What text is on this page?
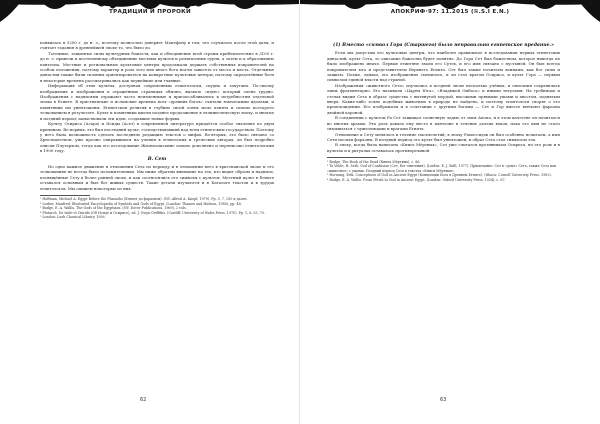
ТРАДИЦИИ И ПРОРОКИ

появилась в 3200 г. до н. э., поэтому полностью доверяет Манефону в том, что случилось после этой даты, и считает гадания в древнейшей эпохе то, что было до.

Тотемные, защитные силы культурных божеств, как и объединение всей страны приблизительно в 3100 г. до н. э. привели к постепенному объединению местных культов и религиозных групп, а затем и к образованию пантеона. Местные и региональные культовые центры продолжали держать собственных покровителей на особом положении, поэтому характер и роль того или иного бога могли зависеть от места и места. Отдельные династии также были склонны ориентироваться на конкретные культовые центры, поэтому определённые боги в некоторые времена рассматривались как первейшие или главные.

Информация об этих культах, доступная современным египтологам, скудна и запутана. По-своему изображения и изображения в отражённых страницах обычно, вызвать «идею» который очень трудно. Изображения с надписями отражают часто неизменимые и приспосабливались к потребностям отдельной эпохи в Египте. В христианские и исламские времена всех «древних богов» считали языческими идолами, и памятники им уничтожены. Египетская религия в глубине своей очень мало понята и сильно постарело толкованием в результате. Культ и памятники имели позднее продолжение в эллинистическую эпоху, и многие в поздний период заимствовали эти идеи, создавшие новые формы.

Культу Осириса (Асара) и Исиды (Асет) в современной литературе придаётся особое значение по двум причинам. Во-первых, это был последний культ, господствовавший над всем египетским государством. Поэтому у него была возможность сделать последнюю редакцию текстов о мифах. Во-вторых, это было связано со Христианством, уже прочно опиравшимся на учения в египетских и греческих авторах, он был подробно описан Плутархом, тогда как его исследование Жизнеописание сильно дополнено и переписано египтологами в 1900 году.

В. Сет

Но одно важное движение в отношении Сета по периоду и в отношении него в христианской эпохе и его толкованиях не всегда было положительным. Мы ниже обратим внимание на тех, кто видит образы и надписи, посвящённые Сету в более ранней эпохе, и как соотносились его символы с культом. Местный культ в Египте оставался основным и был бог живых существ. Такие детали изучаются и в Каталоге текстов и в трудах египтологов. Мы опишем некоторые из них.

¹ Hoffman, Michael A. Egypt Before the Pharaohs (Египет до фараонов). (NY: Alfred A. Knopf, 1979). Pp. 5, 7, 150 и далее.

² Lurker, Manfred. Illustrated Encyclopedia of Symbols and Gods of Egypt. (London: Thames and Hudson, 1980), pp. 48.

³ Budge, E. A. Wallis. The Gods of the Egyptians. (NY: Dover Publications, 1969), 2 vols.

⁴ Plutarch. De Iside et Osiride (Об Исиде и Осирисе), ed. J. Gwyn Griffiths. (Cardiff: University of Wales Press, 1970). Pp. 1, 6, 53, 79.

⁵ London: Loeb Classical Library, 1936.

62
АПОКРИФ·97: 11.2015 (ℝ.Ѕ.I E.N.)
(1) Вместо «символ Гора (Старшего) было неправильно египетское предание.»

Если мы допустим его культовые центры, что наиболее правильное в исследовании первых египетских династий, культ Сета, то описание божества будет понятно. До Гора Сет был божеством, которое никогда не было изображено иначе. Первые египтяне звали его Сутех, и его имя связано с пустыней. Он был всегда покровителем юга и представителем Верхнего Египта. Сет был также почитаем воинами, как бог силы и защиты. Позже, однако, его изображение сменилось, и он стал врагом Осириса, и культ Гора — первым символом единой власти над страной.

Изображения «животного Сета» изучались в поздней эпохе несколько учёных, и описания сохранились лишь фрагментарно. Его называли «Царём Юга», «Владыкой Омбоса» и иными титулами. На гробницах и стелах видим Сета в образе существа с вытянутой мордой, высокими прямыми ушами и хвостом, поднятым вверх. Каких-либо точно подобных животных в природе не найдено, и поэтому египтологи спорят о его происхождении. Его изображали и в сочетании с другими богами — Сет и Гор вместе венчают фараона двойной короной.

В соединении с культом Ра Сет защищал солнечную ладью от змея Апопа, и в этом качестве он почитался во многих храмах. Эта роль давала ему место в пантеоне в течение долгих веков, пока его имя не стало связываться с чужеземцами и врагами Египта.

Отношение к Сету менялось в течение тысячелетий; в эпоху Рамессидов он был особенно почитаем, а имя Сети носили фараоны. В поздний период его культ был уничтожен, и образ Сета стал символом зла.

В эпоху, когда была написана «Книга Мёртвых», Сет уже считался противником Осириса, но его роль и в культах и в ритуалах оставалась противоречивой.

¹ Budge, The Book of the Dead (Книга Мёртвых), c. 86.

² Te Velde, H. Seth, God of Confusion (Сет, бог смятения). (Leiden: E. J. Brill, 1977). Примечание: Сет в «доме» Сета, также Сета как «животное» с ушами. Поздний период Сета в текстах «Книги Мёртвых».

³ Hornung, Erik. Conceptions of God in Ancient Egypt (Концепции Бога в Древнем Египте). (Ithaca: Cornell University Press, 1982).

⁴ Budge, E. A. Wallis. From Fetish to God in Ancient Egypt. (London: Oxford University Press, 1934), c. 87.

63
